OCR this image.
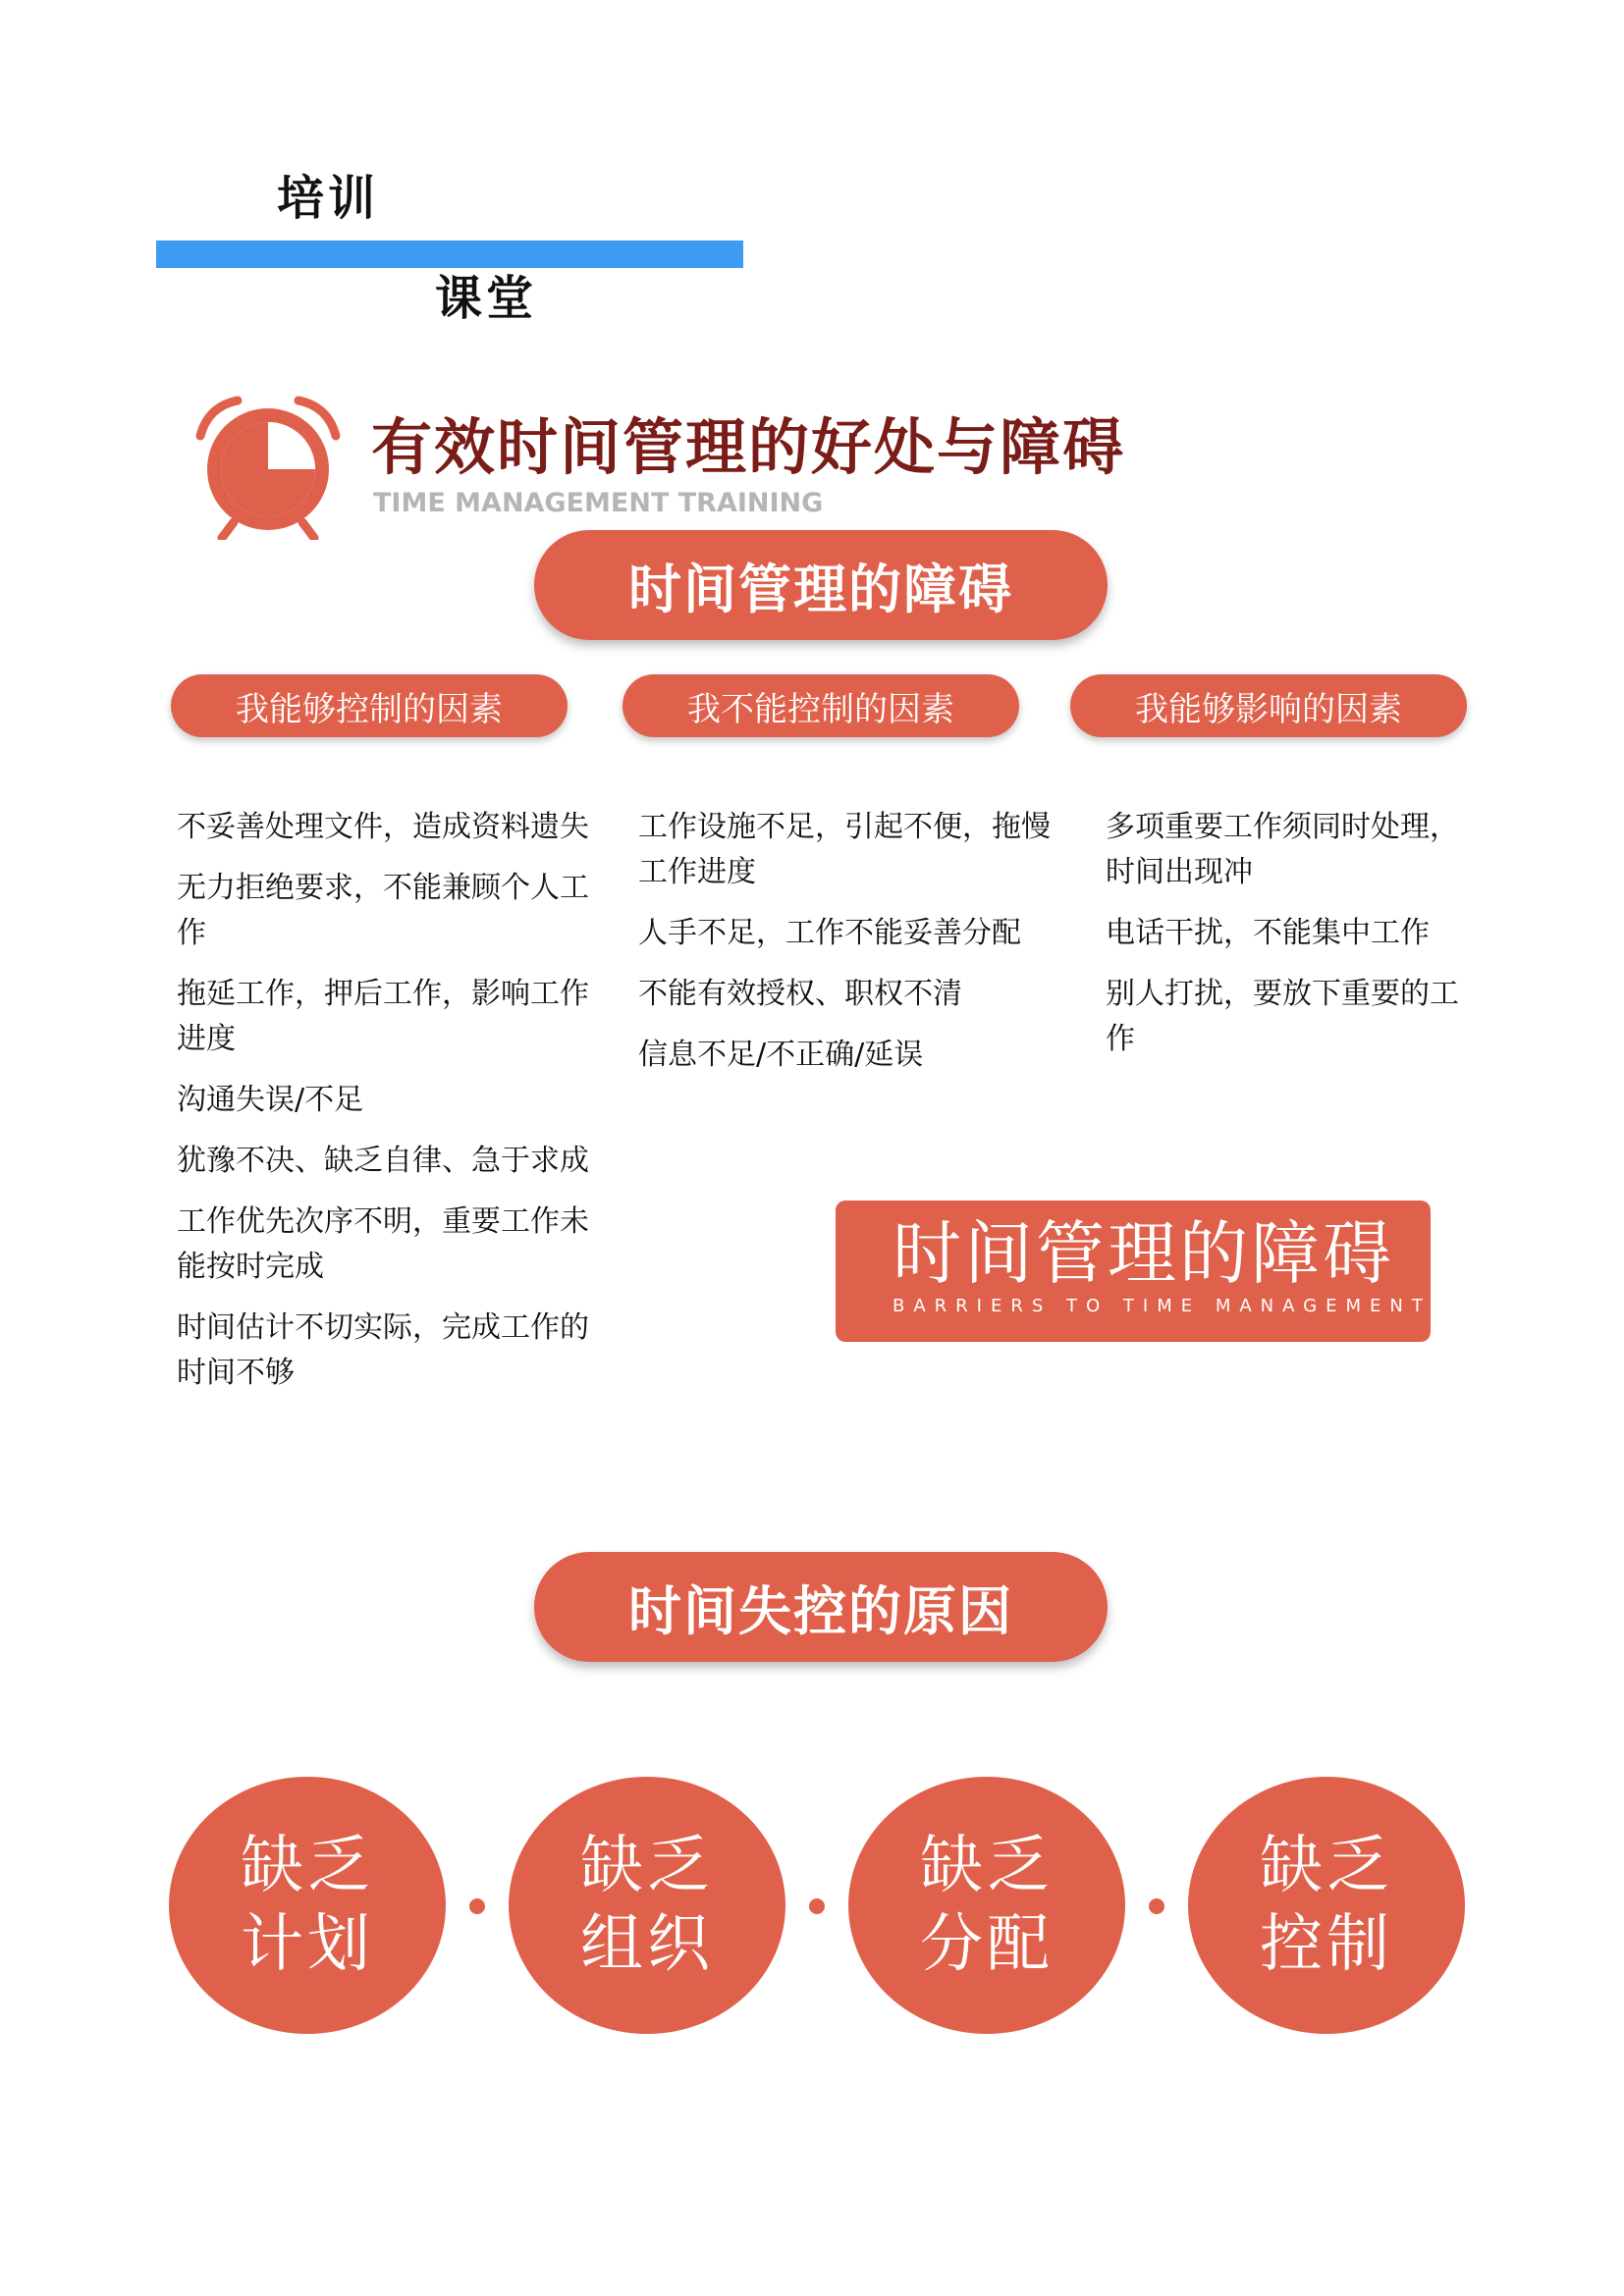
培训
课堂
有效时间管理的好处与障碍
TIME MANAGEMENT TRAINING
时间管理的障碍
我能够控制的因素	我不能控制的因素	我能够影响的因素

不妥善处理文件，造成资料遗失

无力拒绝要求，不能兼顾个人工作

拖延工作，押后工作，影响工作进度

沟通失误/不足

犹豫不决、缺乏自律、急于求成

工作优先次序不明，重要工作未能按时完成

时间估计不切实际，完成工作的时间不够

工作设施不足，引起不便，拖慢工作进度

人手不足，工作不能妥善分配

不能有效授权、职权不清

信息不足/不正确/延误

多项重要工作须同时处理，时间出现冲

电话干扰，不能集中工作

别人打扰，要放下重要的工作

时间管理的障碍
BARRIERS TO TIME MANAGEMENT
时间失控的原因
缺乏
计划
缺乏
组织
缺乏
分配
缺乏
控制
